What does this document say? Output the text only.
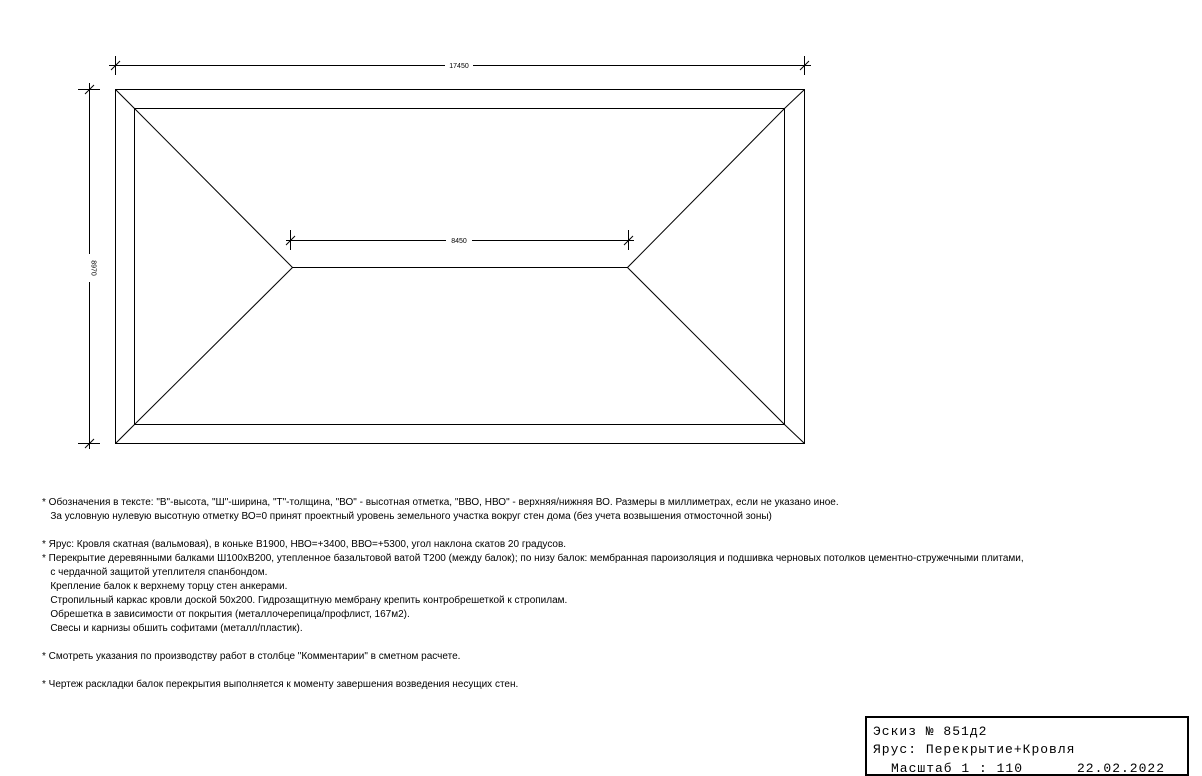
17450
8970
8450
* Обозначения в тексте: "В"-высота, "Ш"-ширина, "Т"-толщина, "ВО" - высотная отметка, "ВВО, НВО" - верхняя/нижняя ВО. Размеры в миллиметрах, если не указано иное.
За условную нулевую высотную отметку ВО=0 принят проектный уровень земельного участка вокруг стен дома (без учета возвышения отмосточной зоны)
* Ярус: Кровля скатная (вальмовая), в коньке В1900, НВО=+3400, ВВО=+5300, угол наклона скатов 20 градусов.
* Перекрытие деревянными балками Ш100хВ200, утепленное базальтовой ватой Т200 (между балок); по низу балок: мембранная пароизоляция и подшивка черновых потолков цементно-стружечными плитами,
с чердачной защитой утеплителя спанбондом.
Крепление балок к верхнему торцу стен анкерами.
Стропильный каркас кровли доской 50х200. Гидрозащитную мембрану крепить контробрешеткой к стропилам.
Обрешетка в зависимости от покрытия (металлочерепица/профлист, 167м2).
Свесы и карнизы обшить софитами (металл/пластик).
* Смотреть указания по производству работ в столбце "Комментарии" в сметном расчете.
* Чертеж раскладки балок перекрытия выполняется к моменту завершения возведения несущих стен.
Эскиз № 851д2
Ярус: Перекрытие+Кровля
Масштаб 1 : 110	22.02.2022
